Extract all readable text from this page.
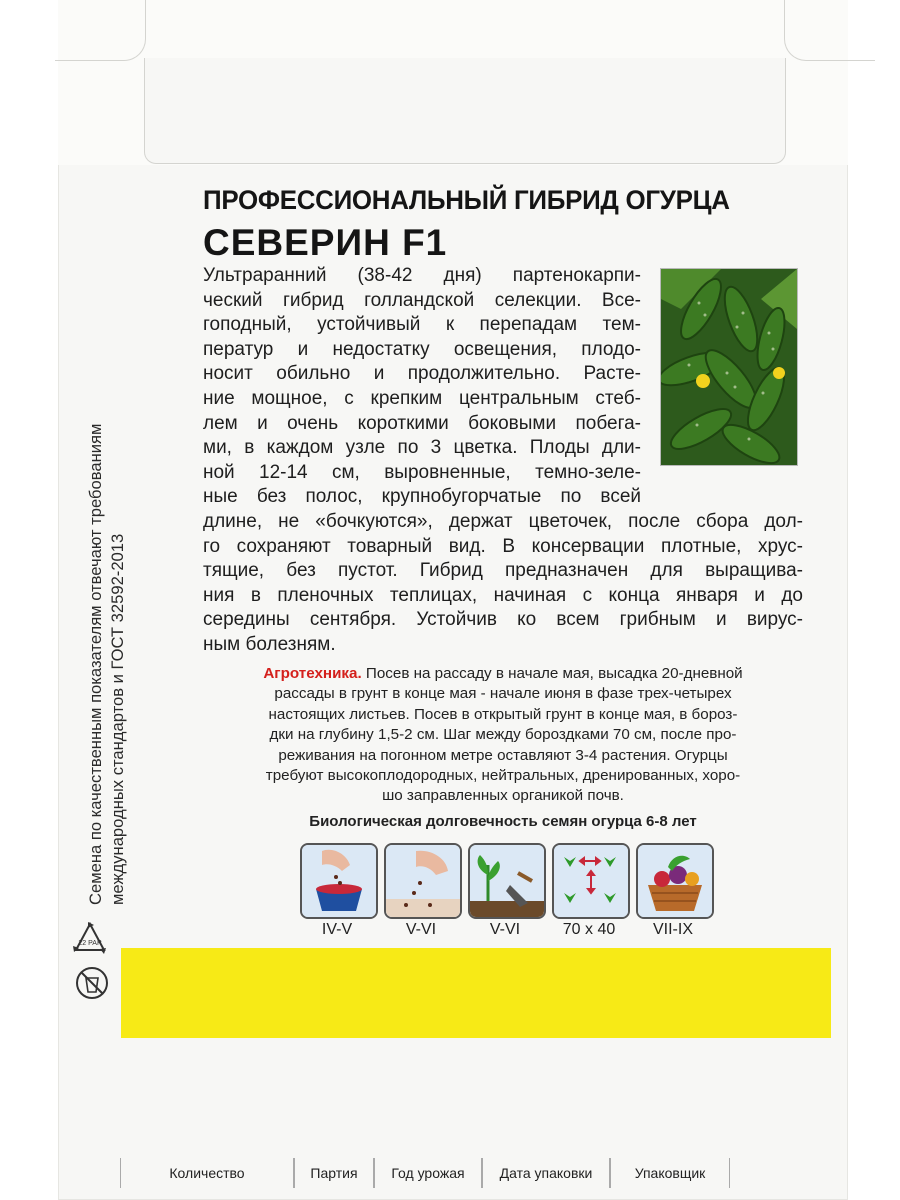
ПРОФЕССИОНАЛЬНЫЙ ГИБРИД ОГУРЦА
СЕВЕРИН F1
Ультраранний (38-42 дня) партенокарпи-
ческий гибрид голландской селекции. Все-
гоподный, устойчивый к перепадам тем-
ператур и недостатку освещения, плодо-
носит обильно и продолжительно. Расте-
ние мощное, с крепким центральным стеб-
лем и очень короткими боковыми побега-
ми, в каждом узле по 3 цветка. Плоды дли-
ной 12-14 см, выровненные, темно-зеле-
ные без полос, крупнобугорчатые по всей
длине, не «бочкуются», держат цветочек, после сбора дол-
го сохраняют товарный вид. В консервации плотные, хрус-
тящие, без пустот. Гибрид предназначен для выращива-
ния в пленочных теплицах, начиная с конца января и до
середины сентября. Устойчив ко всем грибным и вирус-
ным болезням.
Агротехника. Посев на рассаду в начале мая, высадка 20-дневной
рассады в грунт в конце мая - начале июня в фазе трех-четырех
настоящих листьев. Посев в открытый грунт в конце мая, в бороз-
дки на глубину 1,5-2 см. Шаг между бороздками 70 см, после про-
реживания на погонном метре оставляют 3-4 растения. Огурцы
требуют высокоплодородных, нейтральных, дренированных, хоро-
шо заправленных органикой почв.
Биологическая долговечность семян огурца 6-8 лет
IV-V	V-VI	V-VI	70 х 40	VII-IX
Семена по качественным показателям отвечают требованиям международных стандартов и ГОСТ 32592-2013
22 PAP
Количество	Партия	Год урожая	Дата упаковки	Упаковщик
